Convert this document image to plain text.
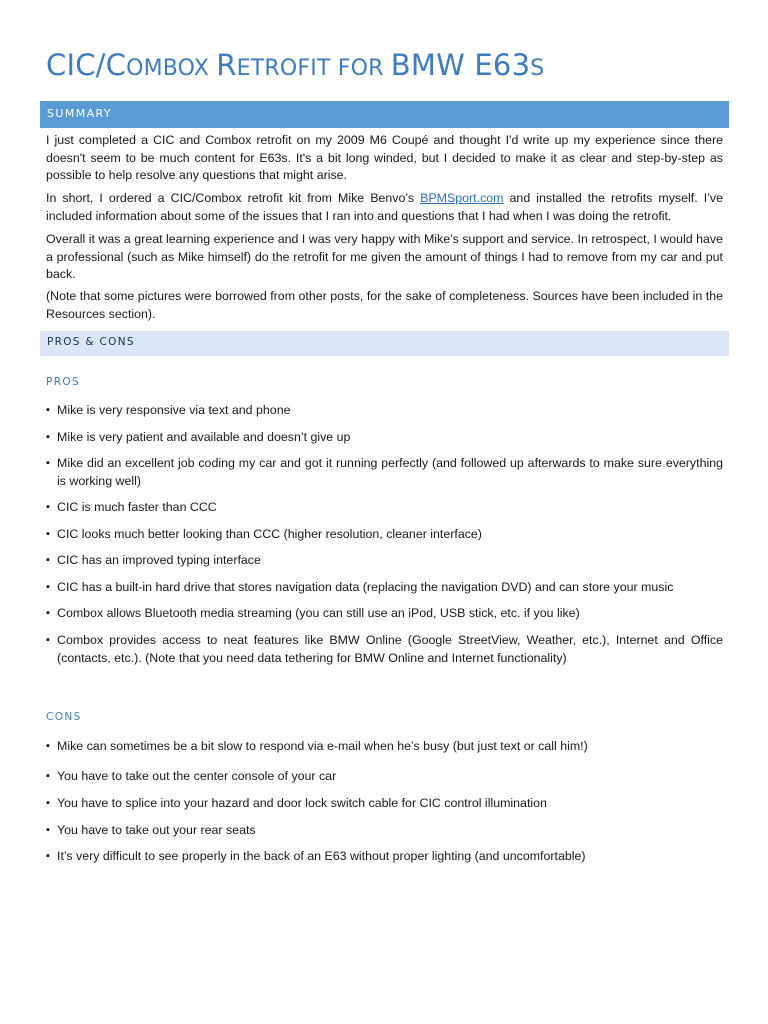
CIC/COMBOX RETROFIT FOR BMW E63S
SUMMARY

I just completed a CIC and Combox retrofit on my 2009 M6 Coupé and thought I'd write up my experience since there doesn't seem to be much content for E63s. It's a bit long winded, but I decided to make it as clear and step-by-step as possible to help resolve any questions that might arise.

In short, I ordered a CIC/Combox retrofit kit from Mike Benvo’s BPMSport.com and installed the retrofits myself. I’ve included information about some of the issues that I ran into and questions that I had when I was doing the retrofit.

Overall it was a great learning experience and I was very happy with Mike’s support and service. In retrospect, I would have a professional (such as Mike himself) do the retrofit for me given the amount of things I had to remove from my car and put back.

(Note that some pictures were borrowed from other posts, for the sake of completeness. Sources have been included in the Resources section).

PROS & CONS
PROS
▪ Mike is very responsive via text and phone
▪ Mike is very patient and available and doesn’t give up
▪ Mike did an excellent job coding my car and got it running perfectly (and followed up afterwards to make sure everything is working well)
▪ CIC is much faster than CCC
▪ CIC looks much better looking than CCC (higher resolution, cleaner interface)
▪ CIC has an improved typing interface
▪ CIC has a built-in hard drive that stores navigation data (replacing the navigation DVD) and can store your music
▪ Combox allows Bluetooth media streaming (you can still use an iPod, USB stick, etc. if you like)
▪ Combox provides access to neat features like BMW Online (Google StreetView, Weather, etc.), Internet and Office (contacts, etc.). (Note that you need data tethering for BMW Online and Internet functionality)
CONS
▪ Mike can sometimes be a bit slow to respond via e-mail when he’s busy (but just text or call him!)
▪ You have to take out the center console of your car
▪ You have to splice into your hazard and door lock switch cable for CIC control illumination
▪ You have to take out your rear seats
▪ It’s very difficult to see properly in the back of an E63 without proper lighting (and uncomfortable)
